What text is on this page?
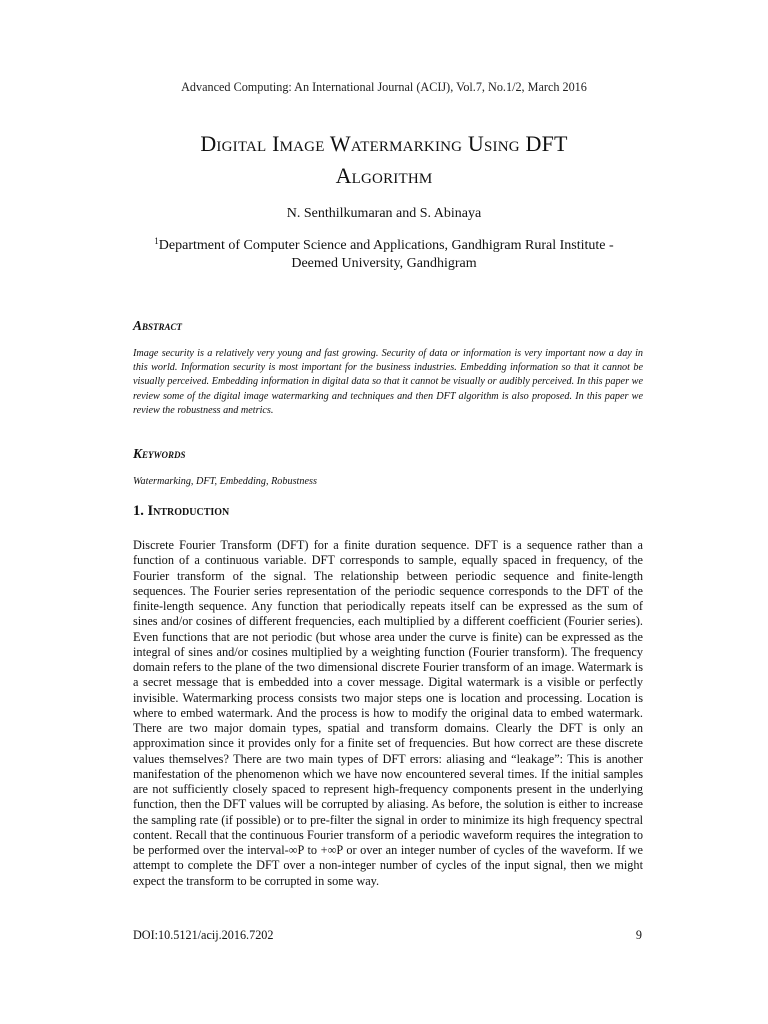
Advanced Computing: An International Journal (ACIJ), Vol.7, No.1/2, March 2016
Digital Image Watermarking Using DFT
Algorithm
N. Senthilkumaran and S. Abinaya
$^1$Department of Computer Science and Applications, Gandhigram Rural Institute -
Deemed University, Gandhigram
Abstract
Image security is a relatively very young and fast growing. Security of data or information is very important now a day in this world. Information security is most important for the business industries. Embedding information so that it cannot be visually perceived. Embedding information in digital data so that it cannot be visually or audibly perceived. In this paper we review some of the digital image watermarking and techniques and then DFT algorithm is also proposed. In this paper we review the robustness and metrics.
Keywords
Watermarking, DFT, Embedding, Robustness
1. Introduction
Discrete Fourier Transform (DFT) for a finite duration sequence. DFT is a sequence rather than a function of a continuous variable. DFT corresponds to sample, equally spaced in frequency, of the Fourier transform of the signal. The relationship between periodic sequence and finite-length sequences. The Fourier series representation of the periodic sequence corresponds to the DFT of the finite-length sequence. Any function that periodically repeats itself can be expressed as the sum of sines and/or cosines of different frequencies, each multiplied by a different coefficient (Fourier series). Even functions that are not periodic (but whose area under the curve is finite) can be expressed as the integral of sines and/or cosines multiplied by a weighting function (Fourier transform). The frequency domain refers to the plane of the two dimensional discrete Fourier transform of an image. Watermark is a secret message that is embedded into a cover message. Digital watermark is a visible or perfectly invisible. Watermarking process consists two major steps one is location and processing. Location is where to embed watermark. And the process is how to modify the original data to embed watermark. There are two major domain types, spatial and transform domains. Clearly the DFT is only an approximation since it provides only for a finite set of frequencies. But how correct are these discrete values themselves? There are two main types of DFT errors: aliasing and “leakage”: This is another manifestation of the phenomenon which we have now encountered several times. If the initial samples are not sufficiently closely spaced to represent high-frequency components present in the underlying function, then the DFT values will be corrupted by aliasing. As before, the solution is either to increase the sampling rate (if possible) or to pre-filter the signal in order to minimize its high frequency spectral content. Recall that the continuous Fourier transform of a periodic waveform requires the integration to be performed over the interval-∞P to +∞P or over an integer number of cycles of the waveform. If we attempt to complete the DFT over a non-integer number of cycles of the input signal, then we might expect the transform to be corrupted in some way.
DOI:10.5121/acij.2016.7202	9
